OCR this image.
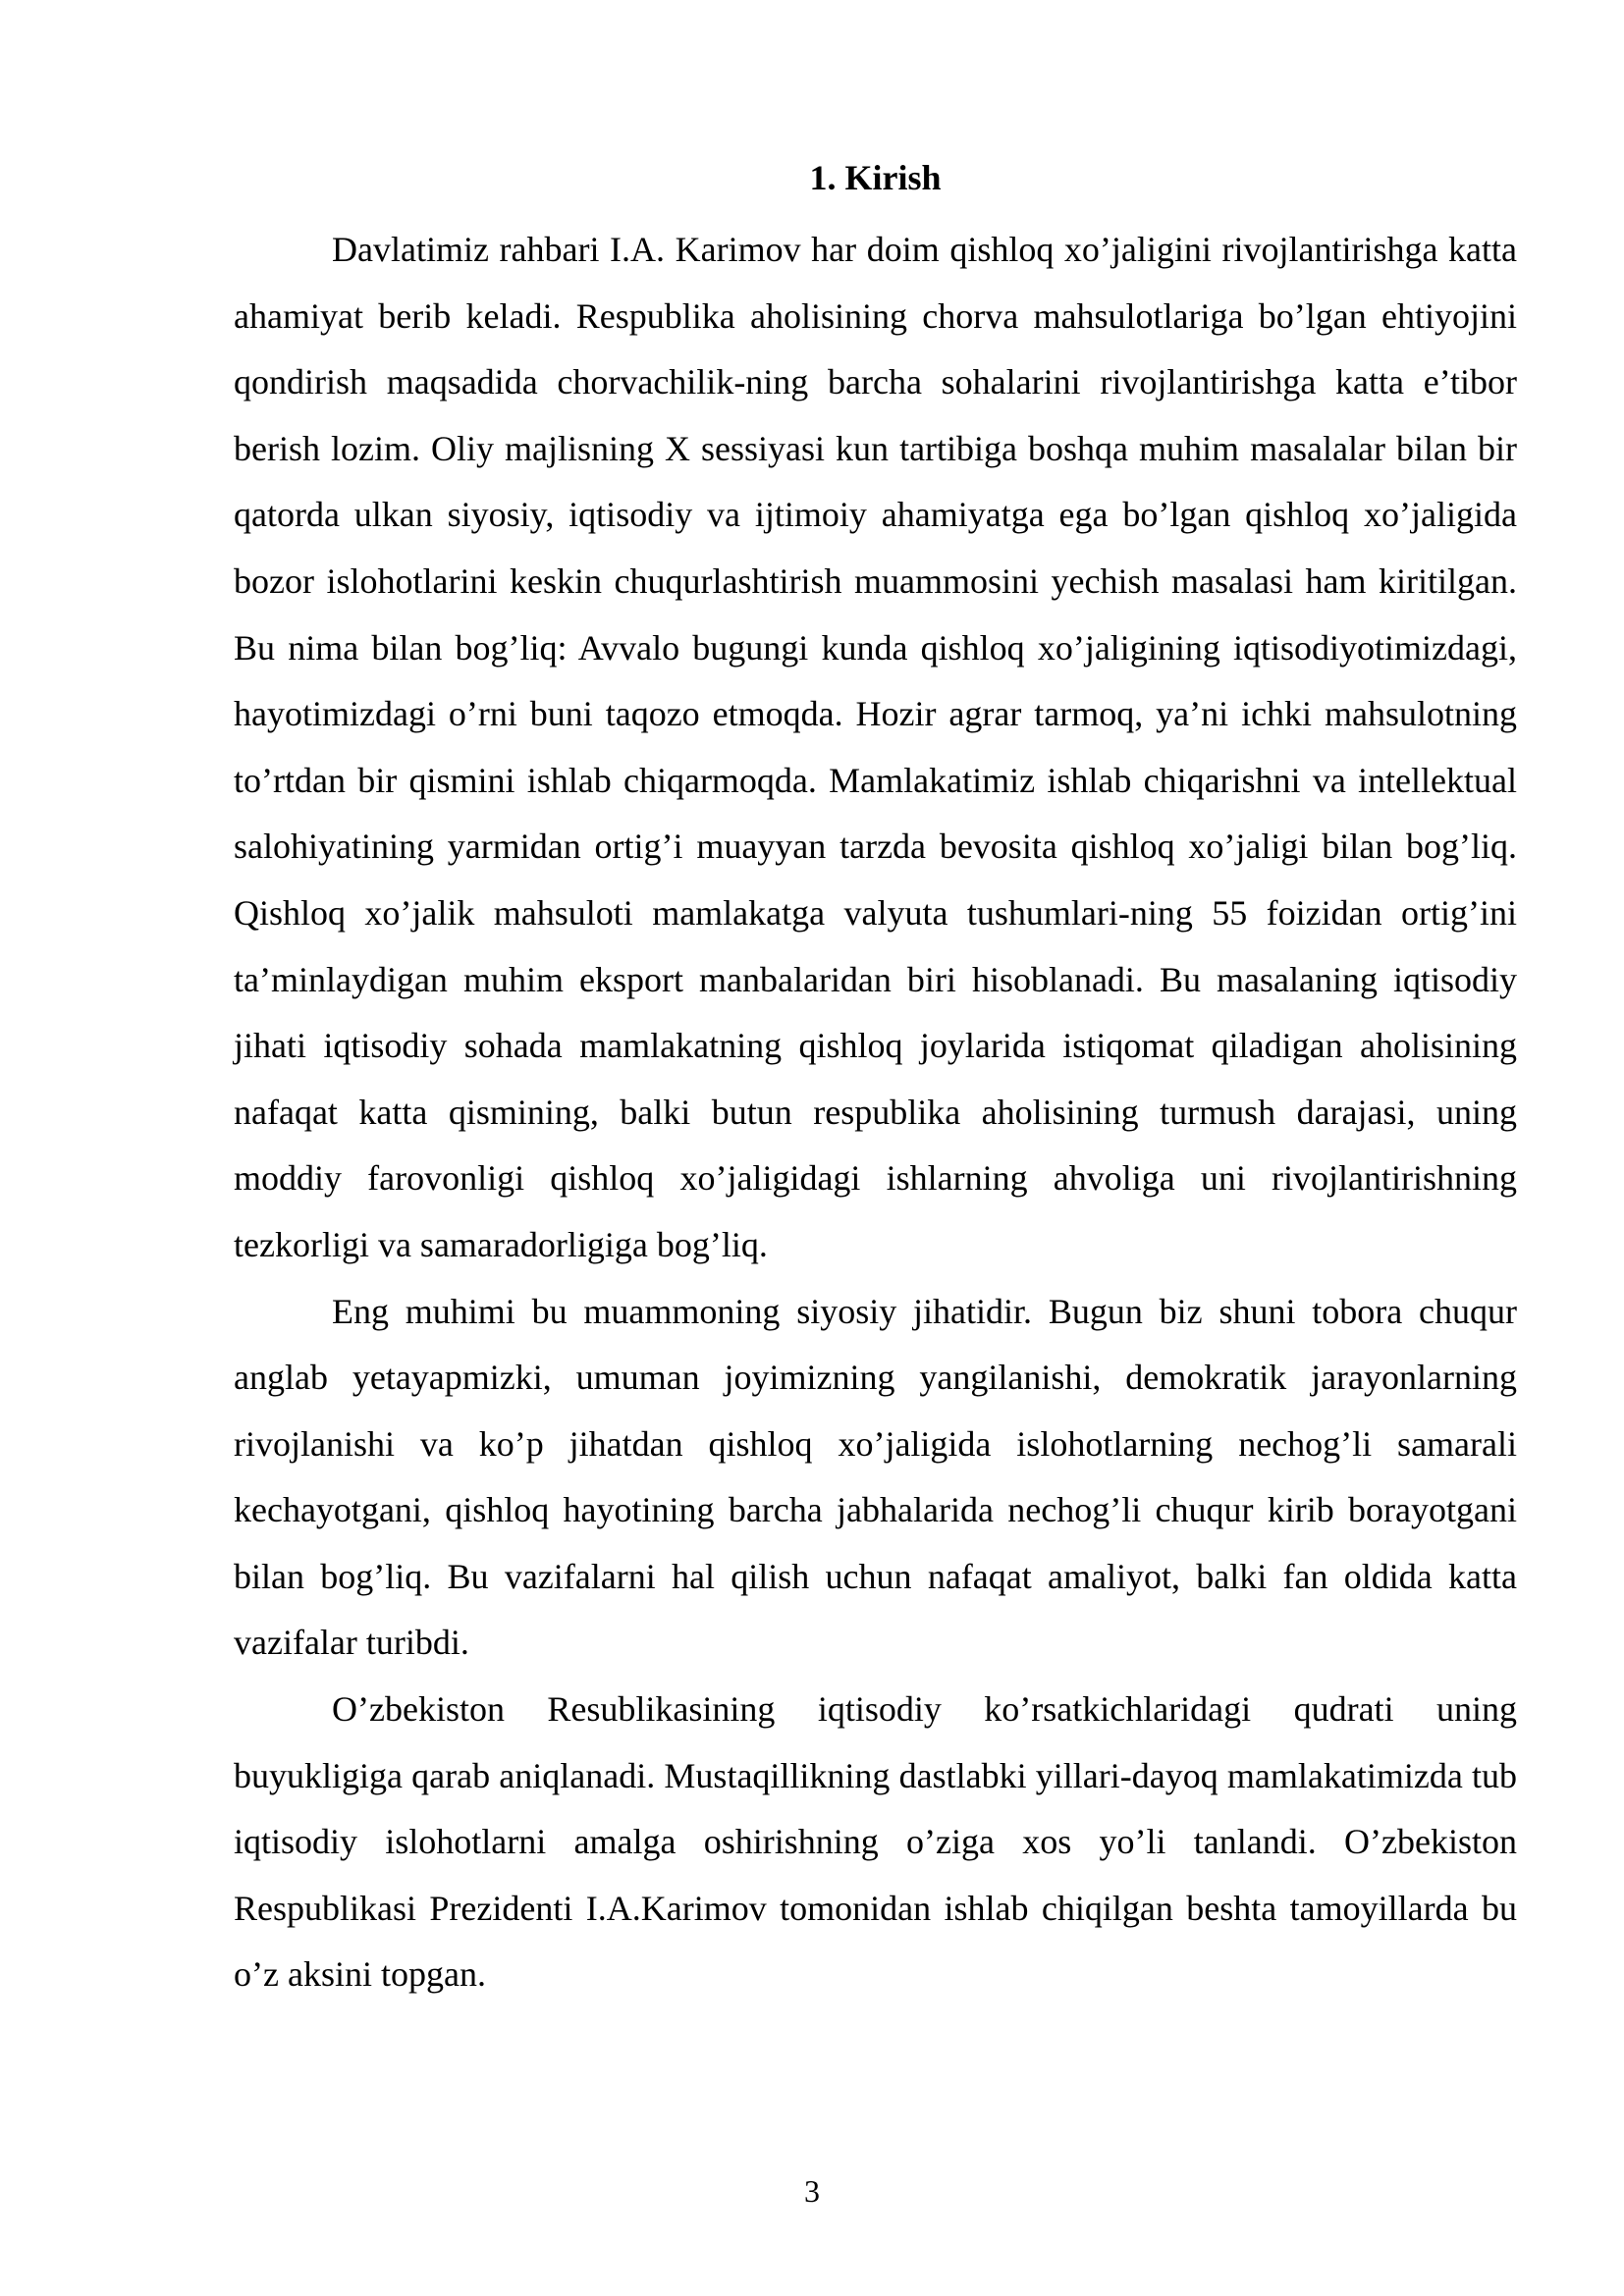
1. Kirish

Davlatimiz rahbari I.A. Karimov har doim qishloq xo’jaligini rivojlantirishga katta ahamiyat berib keladi. Respublika aholisining chorva mahsulotlariga bo’lgan ehtiyojini qondirish maqsadida chorvachilik-ning barcha sohalarini rivojlantirishga katta e’tibor berish lozim. Oliy majlisning X sessiyasi kun tartibiga boshqa muhim masalalar bilan bir qatorda ulkan siyosiy, iqtisodiy va ijtimoiy ahamiyatga ega bo’lgan qishloq xo’jaligida bozor islohotlarini keskin chuqurlashtirish muammosini yechish masalasi ham kiritilgan. Bu nima bilan bog’liq: Avvalo bugungi kunda qishloq xo’jaligining iqtisodiyotimizdagi, hayotimizdagi o’rni buni taqozo etmoqda. Hozir agrar tarmoq, ya’ni ichki mahsulotning to’rtdan bir qismini ishlab chiqarmoqda. Mamlakatimiz ishlab chiqarishni va intellektual salohiyatining yarmidan ortig’i muayyan tarzda bevosita qishloq xo’jaligi bilan bog’liq. Qishloq xo’jalik mahsuloti mamlakatga valyuta tushumlari-ning 55 foizidan ortig’ini ta’minlaydigan muhim eksport manbalaridan biri hisoblanadi. Bu masalaning iqtisodiy jihati iqtisodiy sohada mamlakatning qishloq joylarida istiqomat qiladigan aholisining nafaqat katta qismining, balki butun respublika aholisining turmush darajasi, uning moddiy farovonligi qishloq xo’jaligidagi ishlarning ahvoliga uni rivojlantirishning tezkorligi va samaradorligiga bog’liq.

Eng muhimi bu muammoning siyosiy jihatidir. Bugun biz shuni tobora chuqur anglab yetayapmizki, umuman joyimizning yangilanishi, demokratik jarayonlarning rivojlanishi va ko’p jihatdan qishloq xo’jaligida islohotlarning nechog’li samarali kechayotgani, qishloq hayotining barcha jabhalarida nechog’li chuqur kirib borayotgani bilan bog’liq. Bu vazifalarni hal qilish uchun nafaqat amaliyot, balki fan oldida katta vazifalar turibdi.

O’zbekiston Resublikasining iqtisodiy ko’rsatkichlaridagi qudrati uning buyukligiga qarab aniqlanadi. Mustaqillikning dastlabki yillari-dayoq mamlakatimizda tub iqtisodiy islohotlarni amalga oshirishning o’ziga xos yo’li tanlandi. O’zbekiston Respublikasi Prezidenti I.A.Karimov tomonidan ishlab chiqilgan beshta tamoyillarda bu o’z aksini topgan.

3
